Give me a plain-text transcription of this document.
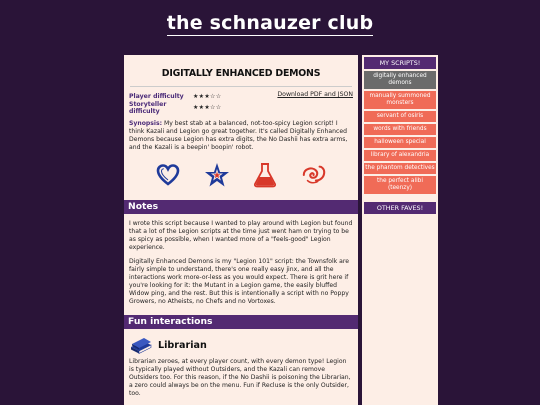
the schnauzer club
DIGITALLY ENHANCED DEMONS
Player difficulty	★★★☆☆
Storyteller difficulty	★★★☆☆
Download PDF and JSON

Synopsis: My best stab at a balanced, not-too-spicy Legion script! I think Kazali and Legion go great together. It's called Digitally Enhanced Demons because Legion has extra digits, the No Dashii has extra arms, and the Kazali is a beepin' boopin' robot.

Notes

I wrote this script because I wanted to play around with Legion but found that a lot of the Legion scripts at the time just went ham on trying to be as spicy as possible, when I wanted more of a "feels-good" Legion experience.

Digitally Enhanced Demons is my "Legion 101" script: the Townsfolk are fairly simple to understand, there's one really easy jinx, and all the interactions work more-or-less as you would expect. There is grit here if you're looking for it: the Mutant in a Legion game, the easily bluffed Widow ping, and the rest. But this is intentionally a script with no Poppy Growers, no Atheists, no Chefs and no Vortoxes.

Fun interactions
Librarian

Librarian zeroes, at every player count, with every demon type! Legion is typically played without Outsiders, and the Kazali can remove Outsiders too. For this reason, if the No Dashii is poisoning the Librarian, a zero could always be on the menu. Fun if Recluse is the only Outsider, too.

MY SCRIPTS!
digitally enhanced demons
manually summoned monsters
servant of osiris
words with friends
halloween special
library of alexandria
the phantom detectives
the perfect alibi (teenzy)
OTHER FAVES!
